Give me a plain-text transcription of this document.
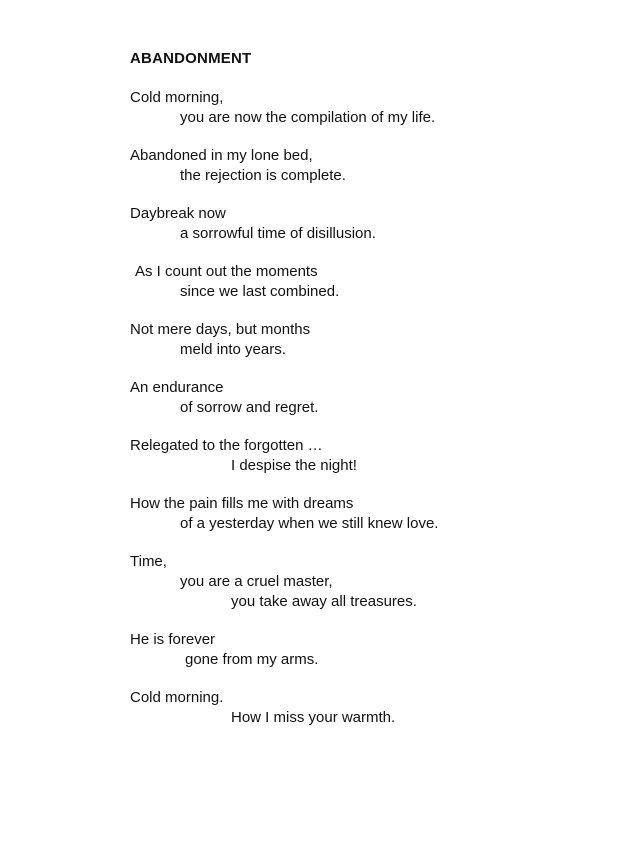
ABANDONMENT
Cold morning,
you are now the compilation of my life.
Abandoned in my lone bed,
the rejection is complete.
Daybreak now
a sorrowful time of disillusion.
As I count out the moments
since we last combined.
Not mere days, but months
meld into years.
An endurance
of sorrow and regret.
Relegated to the forgotten …
I despise the night!
How the pain fills me with dreams
of a yesterday when we still knew love.
Time,
you are a cruel master,
you take away all treasures.
He is forever
gone from my arms.
Cold morning.
How I miss your warmth.
